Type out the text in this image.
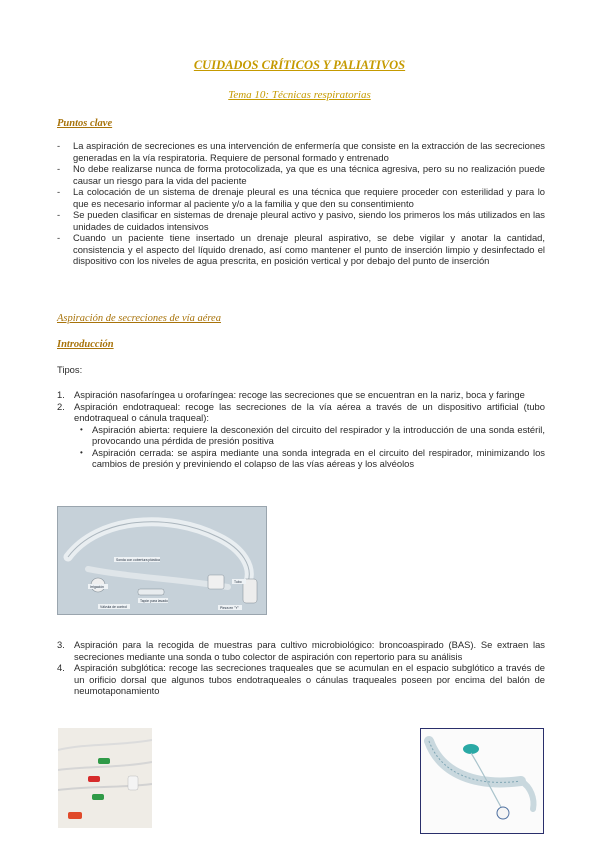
CUIDADOS CRÍTICOS Y PALIATIVOS
Tema 10: Técnicas respiratorias
Puntos clave
- La aspiración de secreciones es una intervención de enfermería que consiste en la extracción de las secreciones generadas en la vía respiratoria. Requiere de personal formado y entrenado
- No debe realizarse nunca de forma protocolizada, ya que es una técnica agresiva, pero su no realización puede causar un riesgo para la vida del paciente
- La colocación de un sistema de drenaje pleural es una técnica que requiere proceder con esterilidad y para lo que es necesario informar al paciente y/o a la familia y que den su consentimiento
- Se pueden clasificar en sistemas de drenaje pleural activo y pasivo, siendo los primeros los más utilizados en las unidades de cuidados intensivos
- Cuando un paciente tiene insertado un drenaje pleural aspirativo, se debe vigilar y anotar la cantidad, consistencia y el aspecto del líquido drenado, así como mantener el punto de inserción limpio y desinfectado el dispositivo con los niveles de agua prescrita, en posición vertical y por debajo del punto de inserción
Aspiración de secreciones de vía aérea
Introducción
Tipos:
1. Aspiración nasofaríngea u orofaríngea: recoge las secreciones que se encuentran en la nariz, boca y faringe
2. Aspiración endotraqueal: recoge las secreciones de la vía aérea a través de un dispositivo artificial (tubo endotraqueal o cánula traqueal):
• Aspiración abierta: requiere la desconexión del circuito del respirador y la introducción de una sonda estéril, provocando una pérdida de presión positiva
• Aspiración cerrada: se aspira mediante una sonda integrada en el circuito del respirador, minimizando los cambios de presión y previniendo el colapso de las vías aéreas y los alvéolos
Sonda con cobertura plástica
Irrigación
Tapón para lavado
Válvula de control
Tubo
Pieza en "Y"
3. Aspiración para la recogida de muestras para cultivo microbiológico: broncoaspirado (BAS). Se extraen las secreciones mediante una sonda o tubo colector de aspiración con repertorio para su análisis
4. Aspiración subglótica: recoge las secreciones traqueales que se acumulan en el espacio subglótico a través de un orificio dorsal que algunos tubos endotraqueales o cánulas traqueales poseen por encima del balón de neumotaponamiento
